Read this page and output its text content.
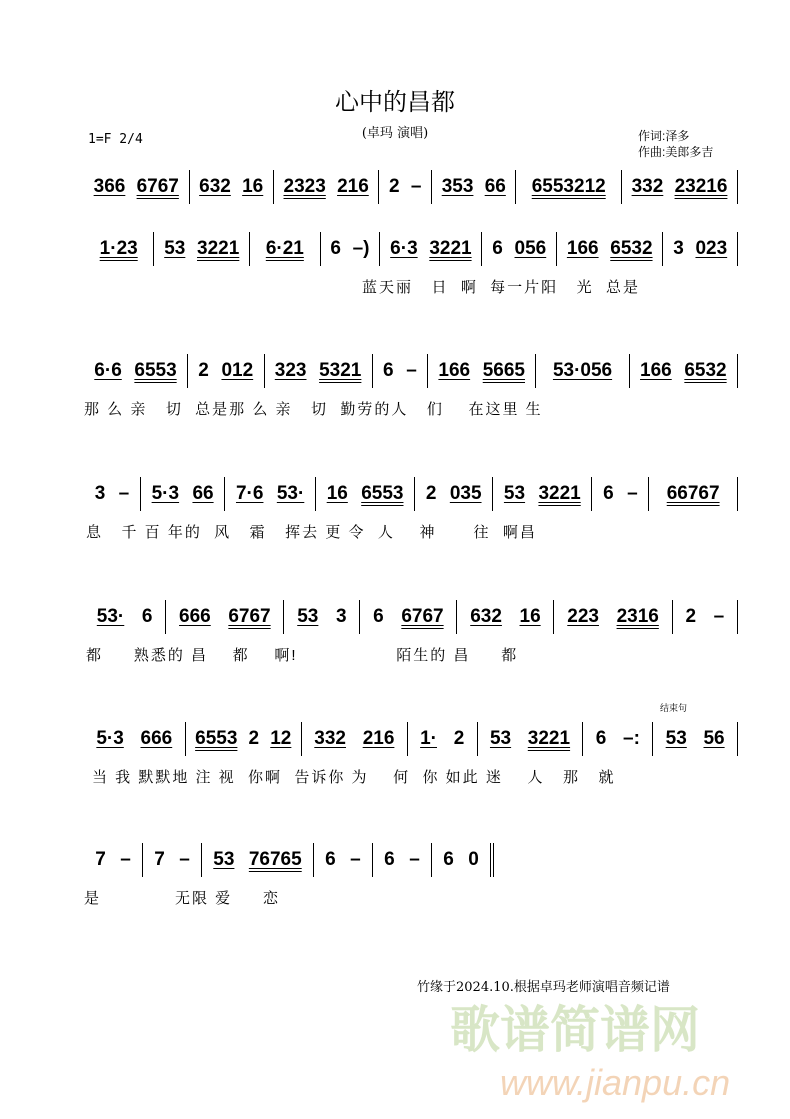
歌谱简谱网
www.jianpu.cn
心中的昌都
(卓玛 演唱)
1=F 2/4	作词:泽多
作曲:美郎多吉
结束句
366 6767 632 16 2323 216 2 – 353 66 6553212 332 23216
1·23 53 3221 6·21 6 –) 6·3 3221 6 056 166 6532 3 023
6·6 6553 2 012 323 5321 6 – 166 5665 53·056 166 6532
3 – 5·3 66 7·6 53· 16 6553 2 035 53 3221 6 – 66767
53· 6 666 6767 53 3 6 6767 632 16 223 2316 2 –
5·3 666 6553 2 12 332 216 1· 2 53 3221 6 –: 53 56
7 – 7 – 53 76765 6 – 6 – 6 0
竹缘于2024.10.根据卓玛老师演唱音频记谱
蓝天丽   日  啊  每一片阳   光  总是
那 么 亲   切  总是那 么 亲   切  勤劳的人   们    在这里 生
息   千 百 年的  风   霜   挥去 更 令  人    神      往  啊昌
都     熟悉的 昌    都    啊!                陌生的 昌     都
当 我 默默地 注 视  你啊  告诉你 为    何  你 如此 迷    人   那   就
是            无限 爱     恋
